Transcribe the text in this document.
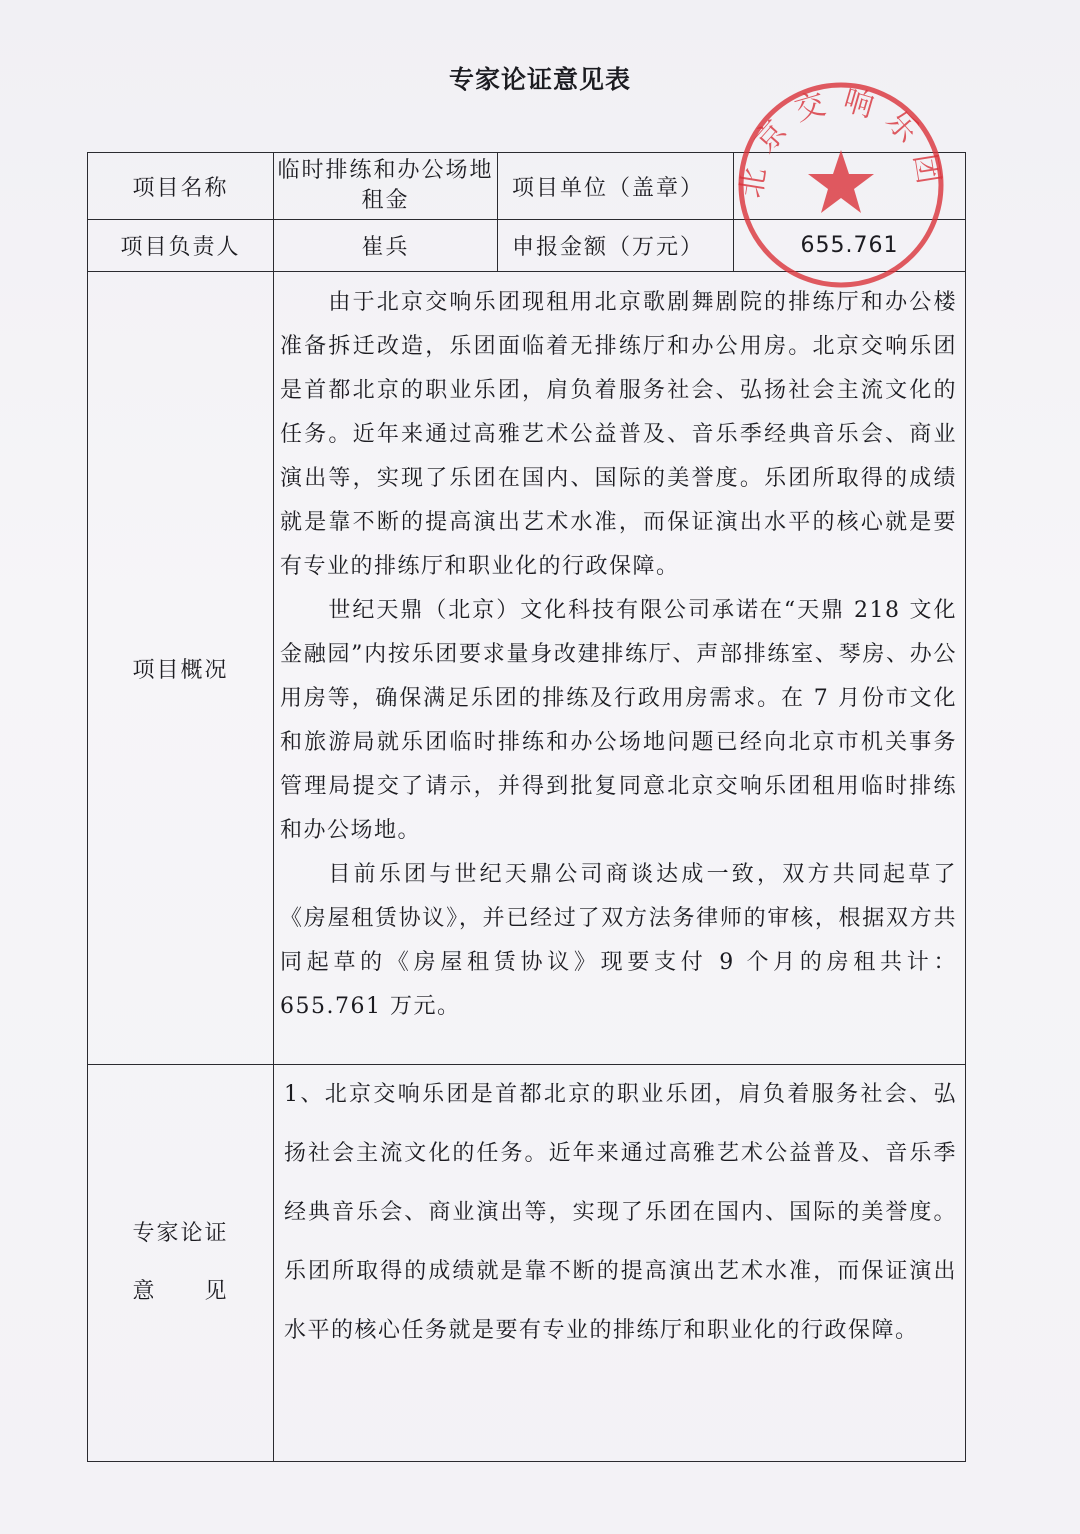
专家论证意见表
项目名称	临时排练和办公场地租金	项目单位（盖章）	
项目负责人	崔兵	申报金额（万元）	655.761
项目概况	由于北京交响乐团现租用北京歌剧舞剧院的排练厅和办公楼准备拆迁改造，乐团面临着无排练厅和办公用房。北京交响乐团是首都北京的职业乐团，肩负着服务社会、弘扬社会主流文化的任务。近年来通过高雅艺术公益普及、音乐季经典音乐会、商业演出等，实现了乐团在国内、国际的美誉度。乐团所取得的成绩就是靠不断的提高演出艺术水准，而保证演出水平的核心就是要有专业的排练厅和职业化的行政保障。

世纪天鼎（北京）文化科技有限公司承诺在“天鼎 218 文化金融园”内按乐团要求量身改建排练厅、声部排练室、琴房、办公用房等，确保满足乐团的排练及行政用房需求。在 7 月份市文化和旅游局就乐团临时排练和办公场地问题已经向北京市机关事务管理局提交了请示，并得到批复同意北京交响乐团租用临时排练和办公场地。

目前乐团与世纪天鼎公司商谈达成一致，双方共同起草了《房屋租赁协议》，并已经过了双方法务律师的审核，根据双方共同起草的《房屋租赁协议》现要支付 9 个月的房租共计：655.761 万元。		

专家论证
意　　见	1、北京交响乐团是首都北京的职业乐团，肩负着服务社会、弘扬社会主流文化的任务。近年来通过高雅艺术公益普及、音乐季经典音乐会、商业演出等，实现了乐团在国内、国际的美誉度。乐团所取得的成绩就是靠不断的提高演出艺术水准，而保证演出水平的核心任务就是要有专业的排练厅和职业化的行政保障。		

北京交响乐团
